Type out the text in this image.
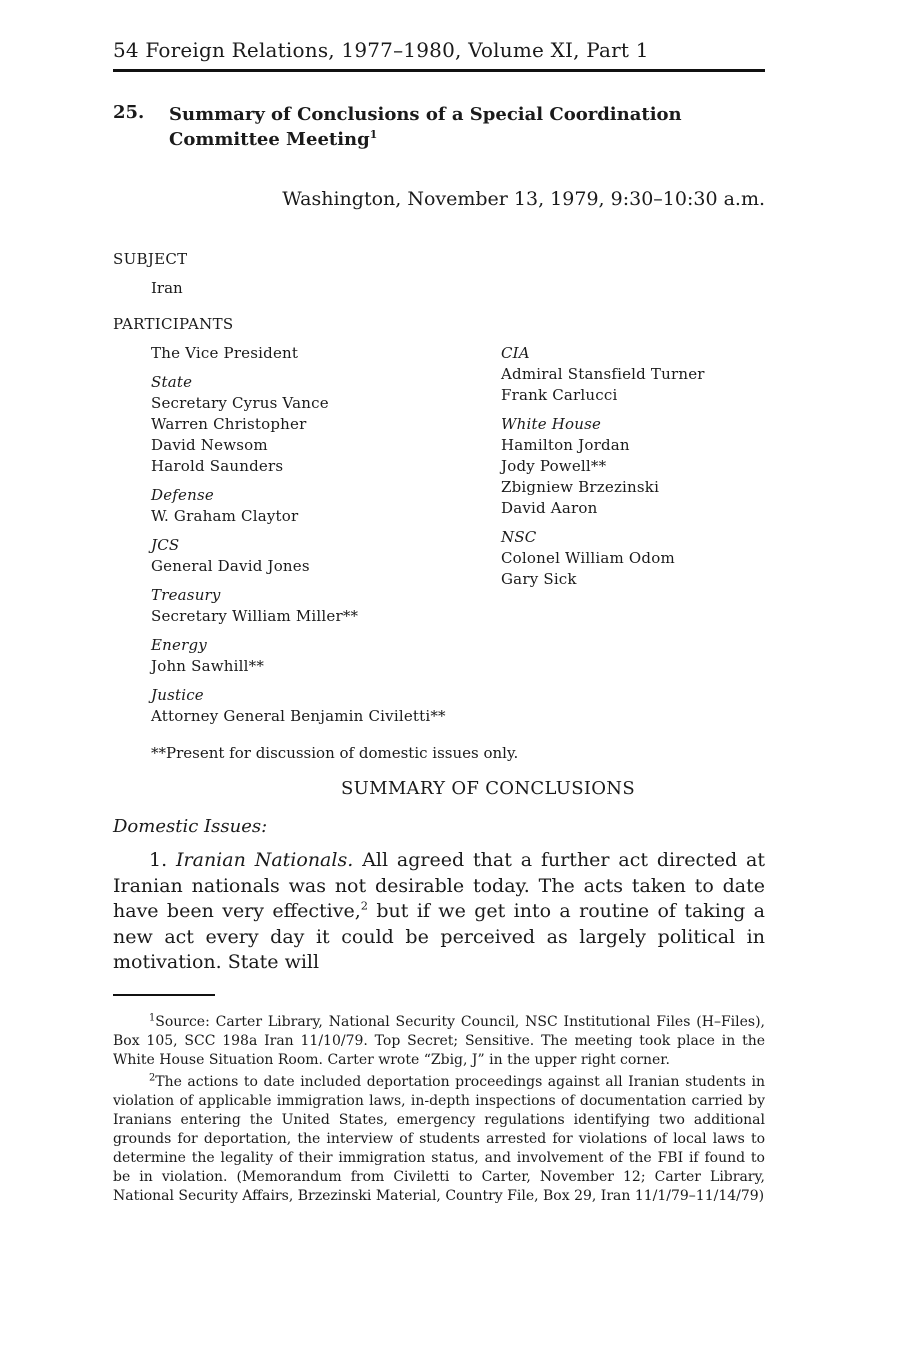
54 Foreign Relations, 1977–1980, Volume XI, Part 1
25. Summary of Conclusions of a Special Coordination
Committee Meeting$^1$
Washington, November 13, 1979, 9:30–10:30 a.m.
SUBJECT
Iran
PARTICIPANTS
The Vice President
State
Secretary Cyrus Vance
Warren Christopher
David Newsom
Harold Saunders
Defense
W. Graham Claytor
JCS
General David Jones
Treasury
Secretary William Miller**
Energy
John Sawhill**
Justice
Attorney General Benjamin Civiletti**
CIA
Admiral Stansfield Turner
Frank Carlucci
White House
Hamilton Jordan
Jody Powell**
Zbigniew Brzezinski
David Aaron
NSC
Colonel William Odom
Gary Sick
**Present for discussion of domestic issues only.
SUMMARY OF CONCLUSIONS
Domestic Issues:
1. Iranian Nationals. All agreed that a further act directed at Iranian nationals was not desirable today. The acts taken to date have been very effective,$^2$ but if we get into a routine of taking a new act every day it could be perceived as largely political in motivation. State will
$^1$Source: Carter Library, National Security Council, NSC Institutional Files (H–Files), Box 105, SCC 198a Iran 11/10/79. Top Secret; Sensitive. The meeting took place in the White House Situation Room. Carter wrote “Zbig, J” in the upper right corner.
$^2$The actions to date included deportation proceedings against all Iranian students in violation of applicable immigration laws, in-depth inspections of documentation carried by Iranians entering the United States, emergency regulations identifying two additional grounds for deportation, the interview of students arrested for violations of local laws to determine the legality of their immigration status, and involvement of the FBI if found to be in violation. (Memorandum from Civiletti to Carter, November 12; Carter Library, National Security Affairs, Brzezinski Material, Country File, Box 29, Iran 11/1/79–11/14/79)
